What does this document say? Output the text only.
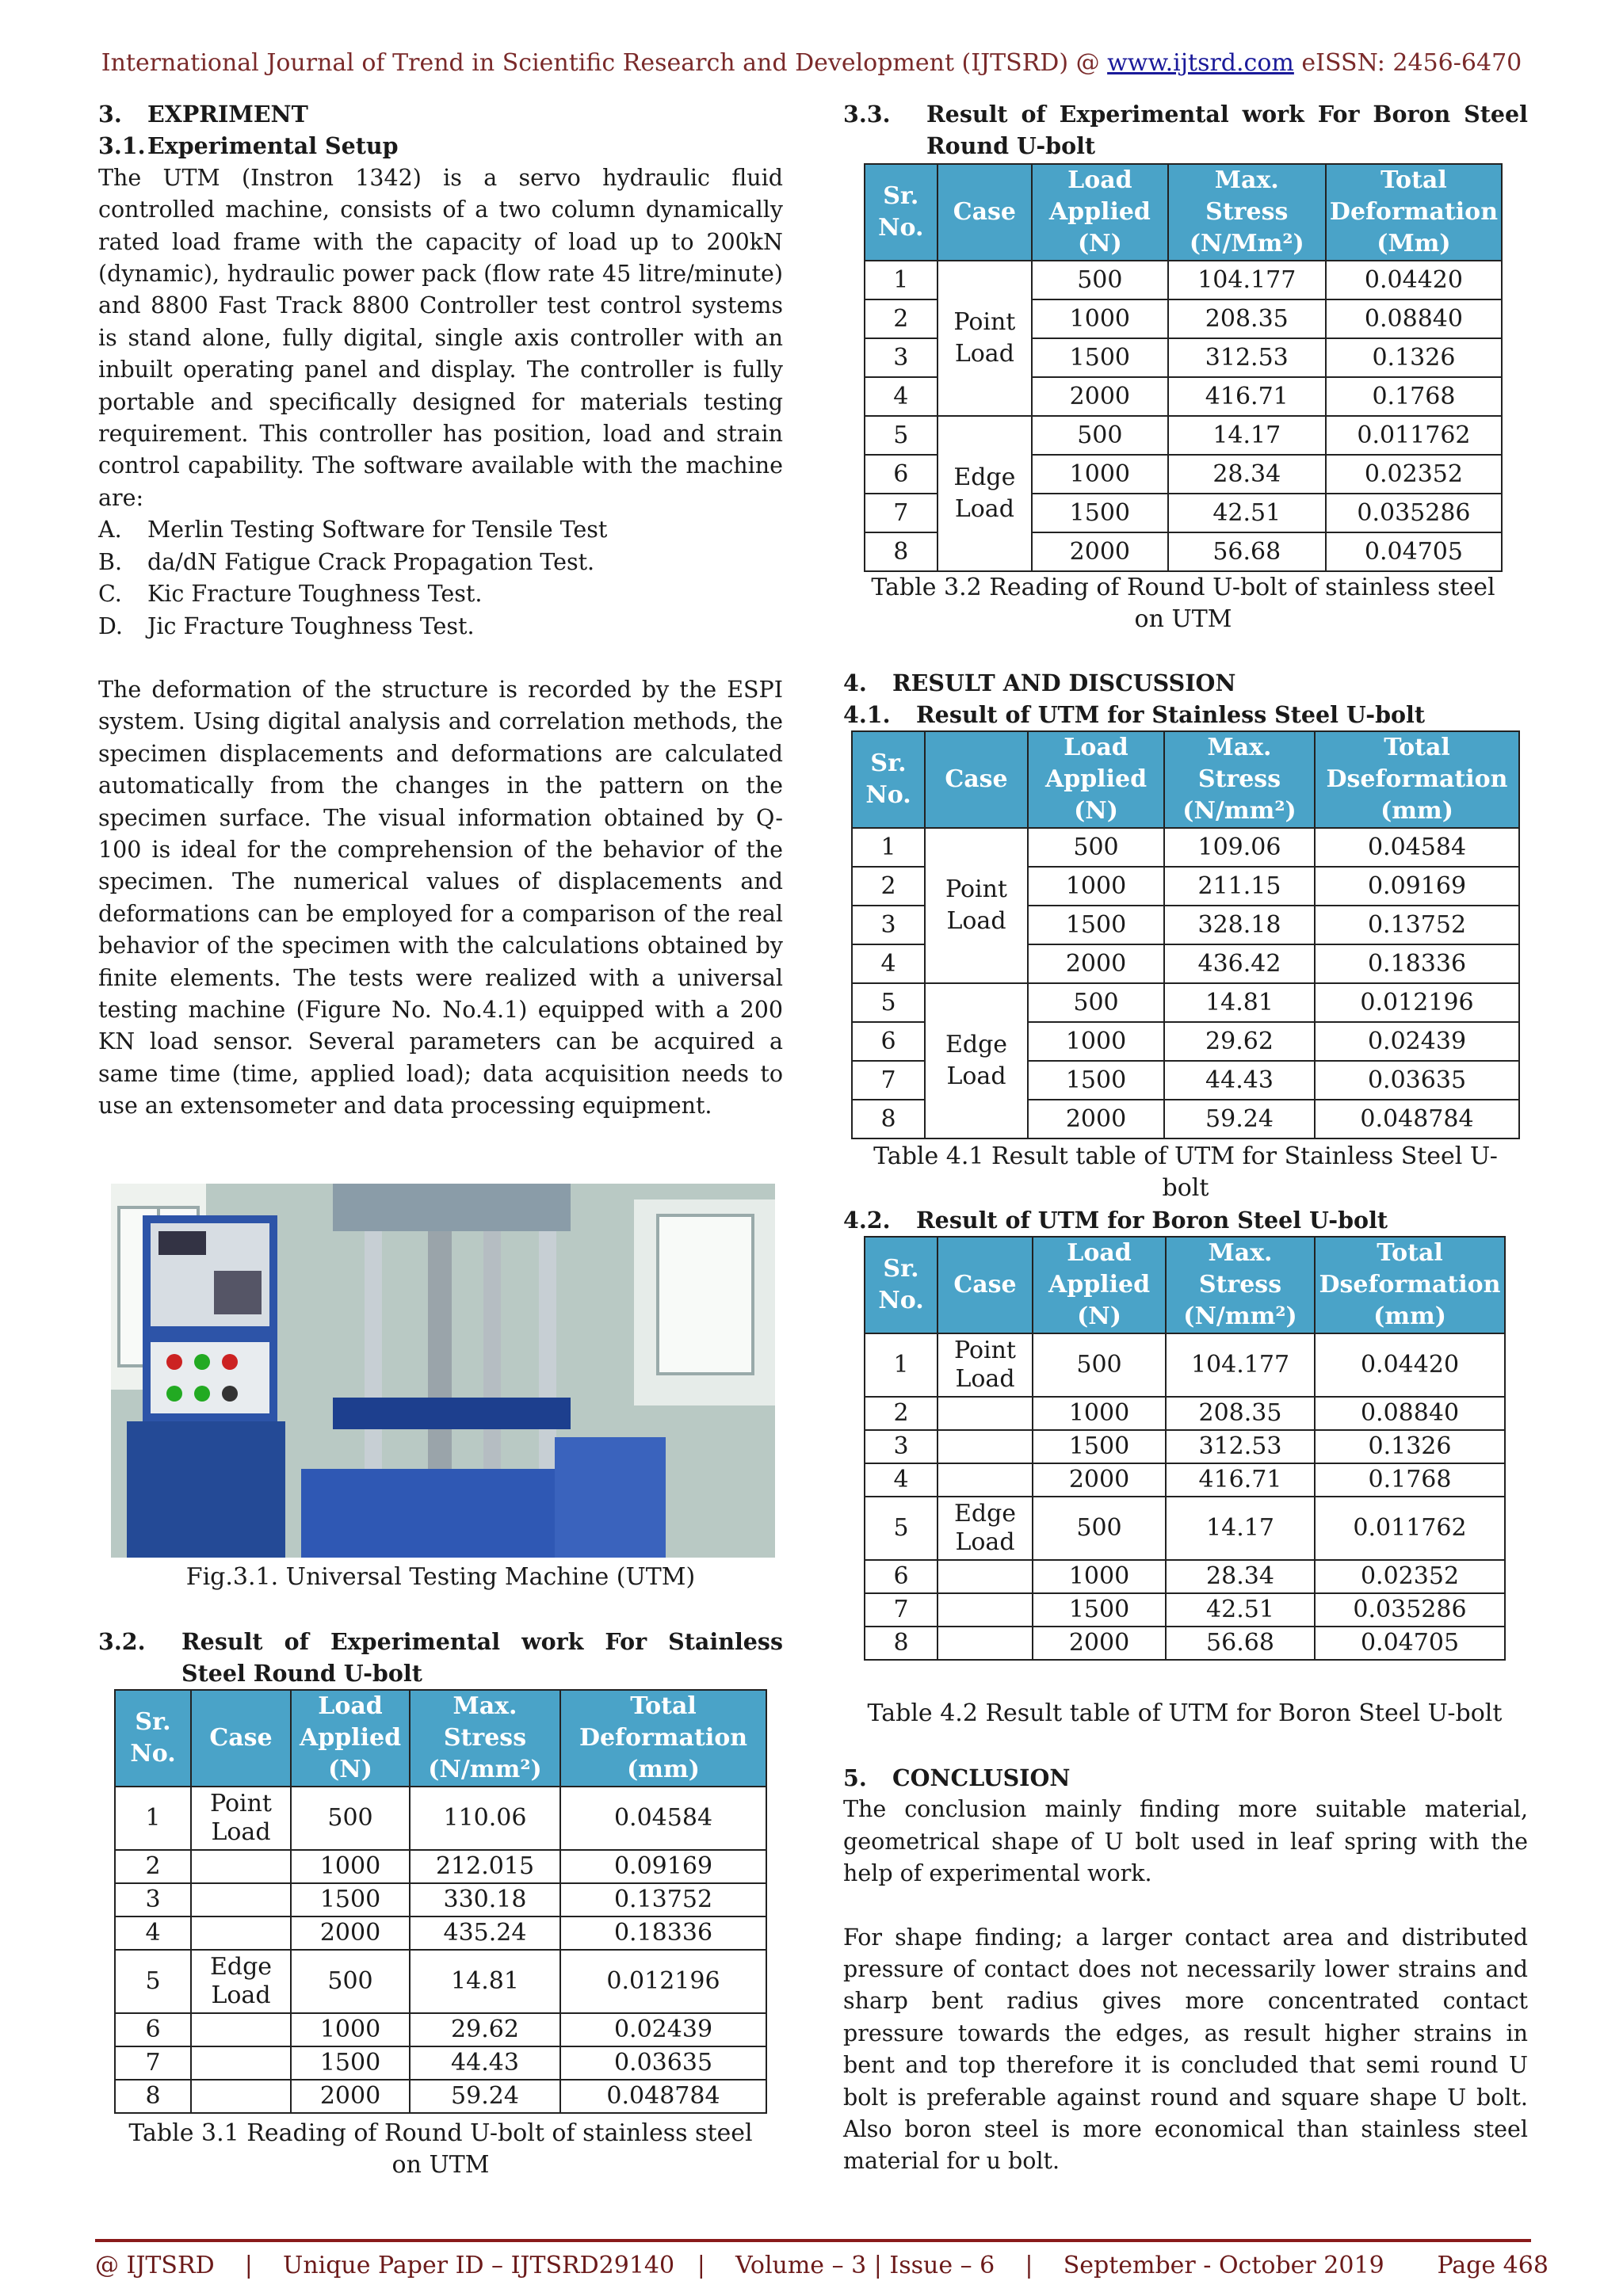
International Journal of Trend in Scientific Research and Development (IJTSRD) @ www.ijtsrd.com eISSN: 2456-6470
3. EXPRIMENT
3.1.Experimental Setup

The UTM (Instron 1342) is a servo hydraulic fluid controlled machine, consists of a two column dynamically rated load frame with the capacity of load up to 200kN (dynamic), hydraulic power pack (flow rate 45 litre/minute) and 8800 Fast Track 8800 Controller test control systems is stand alone, fully digital, single axis controller with an inbuilt operating panel and display. The controller is fully portable and specifically designed for materials testing requirement. This controller has position, load and strain control capability. The software available with the machine are:

A.	Merlin Testing Software for Tensile Test
B.	da/dN Fatigue Crack Propagation Test.
C.	Kic Fracture Toughness Test.
D.	Jic Fracture Toughness Test.

The deformation of the structure is recorded by the ESPI system. Using digital analysis and correlation methods, the specimen displacements and deformations are calculated automatically from the changes in the pattern on the specimen surface. The visual information obtained by Q-100 is ideal for the comprehension of the behavior of the specimen. The numerical values of displacements and deformations can be employed for a comparison of the real behavior of the specimen with the calculations obtained by finite elements. The tests were realized with a universal testing machine (Figure No. No.4.1) equipped with a 200 KN load sensor. Several parameters can be acquired a same time (time, applied load); data acquisition needs to use an extensometer and data processing equipment.

Fig.3.1. Universal Testing Machine (UTM)
3.2.	Result of Experimental work For Stainless Steel Round U-bolt
Sr. No.	Case	Load Applied (N)	Max. Stress (N/mm²)	Total Deformation (mm)
1	Point Load	500	110.06	0.04584
2		1000	212.015	0.09169
3		1500	330.18	0.13752
4		2000	435.24	0.18336
5	Edge Load	500	14.81	0.012196
6		1000	29.62	0.02439
7		1500	44.43	0.03635
8		2000	59.24	0.048784
Table 3.1 Reading of Round U-bolt of stainless steel on UTM
3.3.	Result of Experimental work For Boron Steel Round U-bolt
Sr. No.	Case	Load Applied (N)	Max. Stress (N/Mm²)	Total Deformation (Mm)
1	Point Load	500	104.177	0.04420
2		1000	208.35	0.08840
3		1500	312.53	0.1326
4		2000	416.71	0.1768
5	Edge Load	500	14.17	0.011762
6		1000	28.34	0.02352
7		1500	42.51	0.035286
8		2000	56.68	0.04705
Table 3.2 Reading of Round U-bolt of stainless steel on UTM
4. RESULT AND DISCUSSION
4.1. Result of UTM for Stainless Steel U-bolt
Sr. No.	Case	Load Applied (N)	Max. Stress (N/mm²)	Total Dseformation (mm)
1	Point Load	500	109.06	0.04584
2		1000	211.15	0.09169
3		1500	328.18	0.13752
4		2000	436.42	0.18336
5	Edge Load	500	14.81	0.012196
6		1000	29.62	0.02439
7		1500	44.43	0.03635
8		2000	59.24	0.048784
Table 4.1 Result table of UTM for Stainless Steel U-bolt
4.2. Result of UTM for Boron Steel U-bolt
Sr. No.	Case	Load Applied (N)	Max. Stress (N/mm²)	Total Dseformation (mm)
1	Point Load	500	104.177	0.04420
2		1000	208.35	0.08840
3		1500	312.53	0.1326
4		2000	416.71	0.1768
5	Edge Load	500	14.17	0.011762
6		1000	28.34	0.02352
7		1500	42.51	0.035286
8		2000	56.68	0.04705
Table 4.2 Result table of UTM for Boron Steel U-bolt
5. CONCLUSION

The conclusion mainly finding more suitable material, geometrical shape of U bolt used in leaf spring with the help of experimental work.

For shape finding; a larger contact area and distributed pressure of contact does not necessarily lower strains and sharp bent radius gives more concentrated contact pressure towards the edges, as result higher strains in bent and top therefore it is concluded that semi round U bolt is preferable against round and square shape U bolt. Also boron steel is more economical than stainless steel material for u bolt.

@ IJTSRD    |    Unique Paper ID – IJTSRD29140   |    Volume – 3 | Issue – 6    |    September - October 2019 Page 468
